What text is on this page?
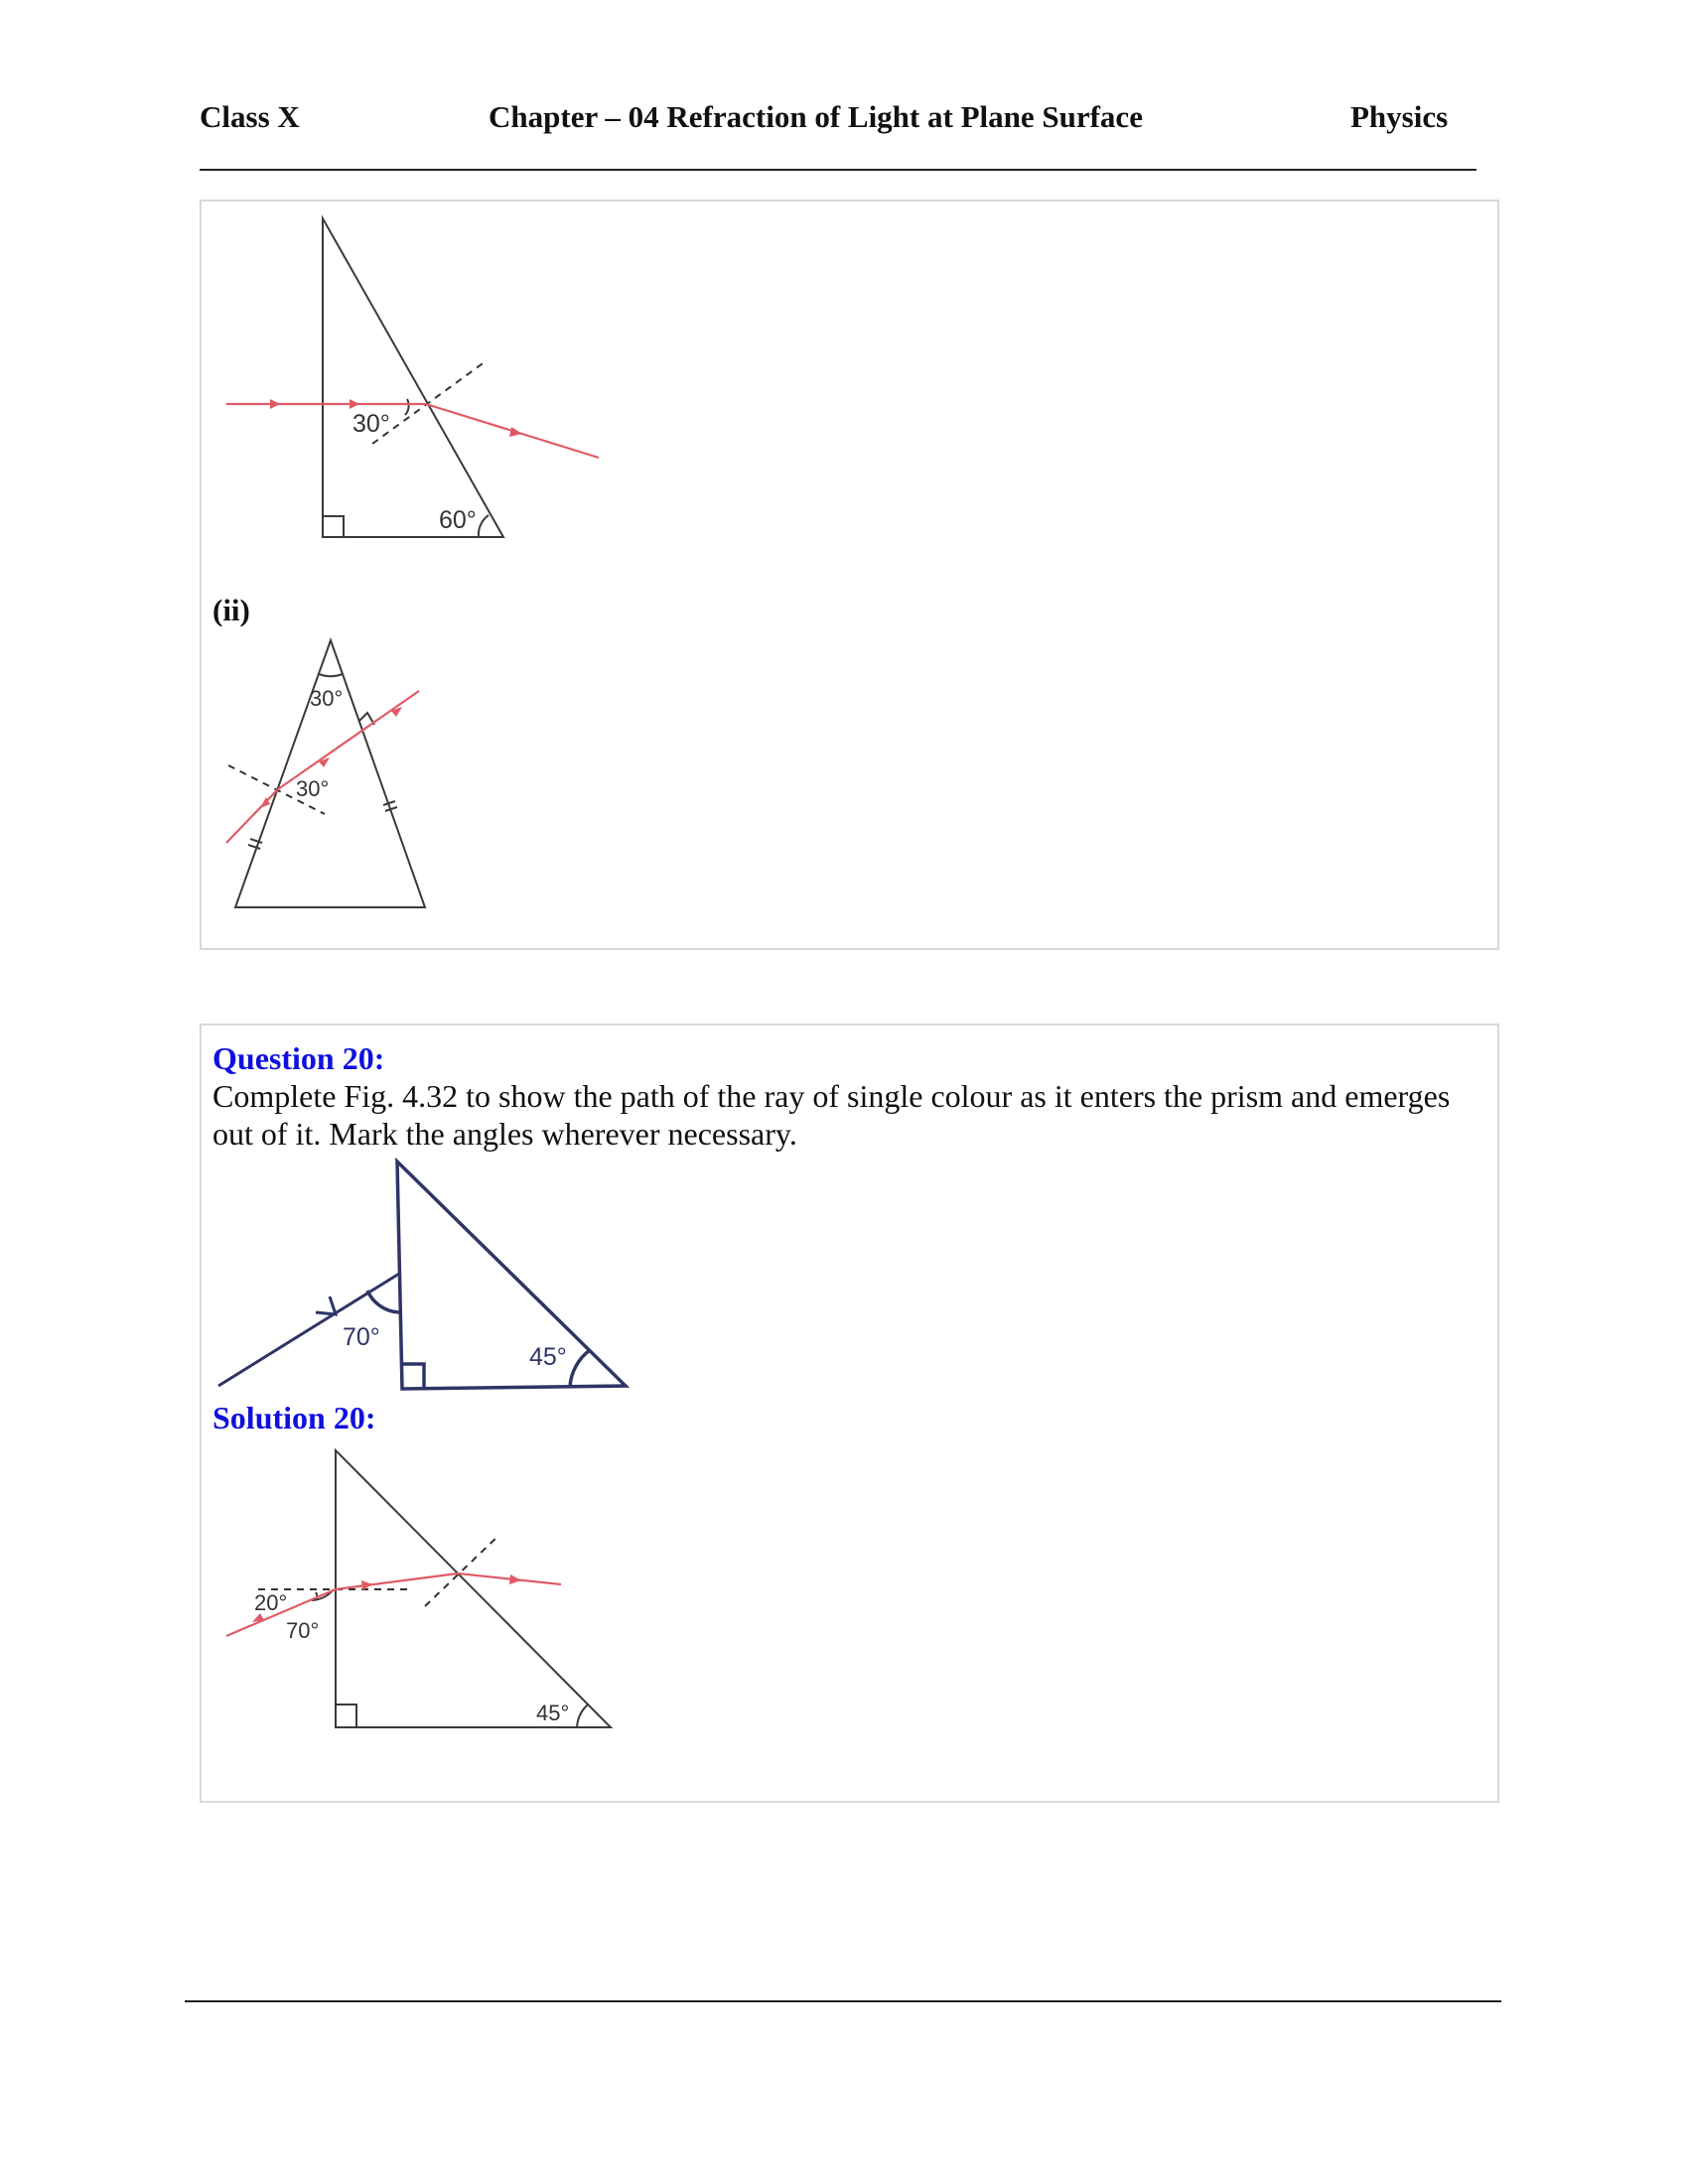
Class X	Chapter – 04 Refraction of Light at Plane Surface	Physics
30°
60°
(ii)
30°
30°
Question 20:
Complete Fig. 4.32 to show the path of the ray of single colour as it enters the prism and emerges out of it. Mark the angles wherever necessary.
70°
45°
Solution 20:
20°
70°
45°
